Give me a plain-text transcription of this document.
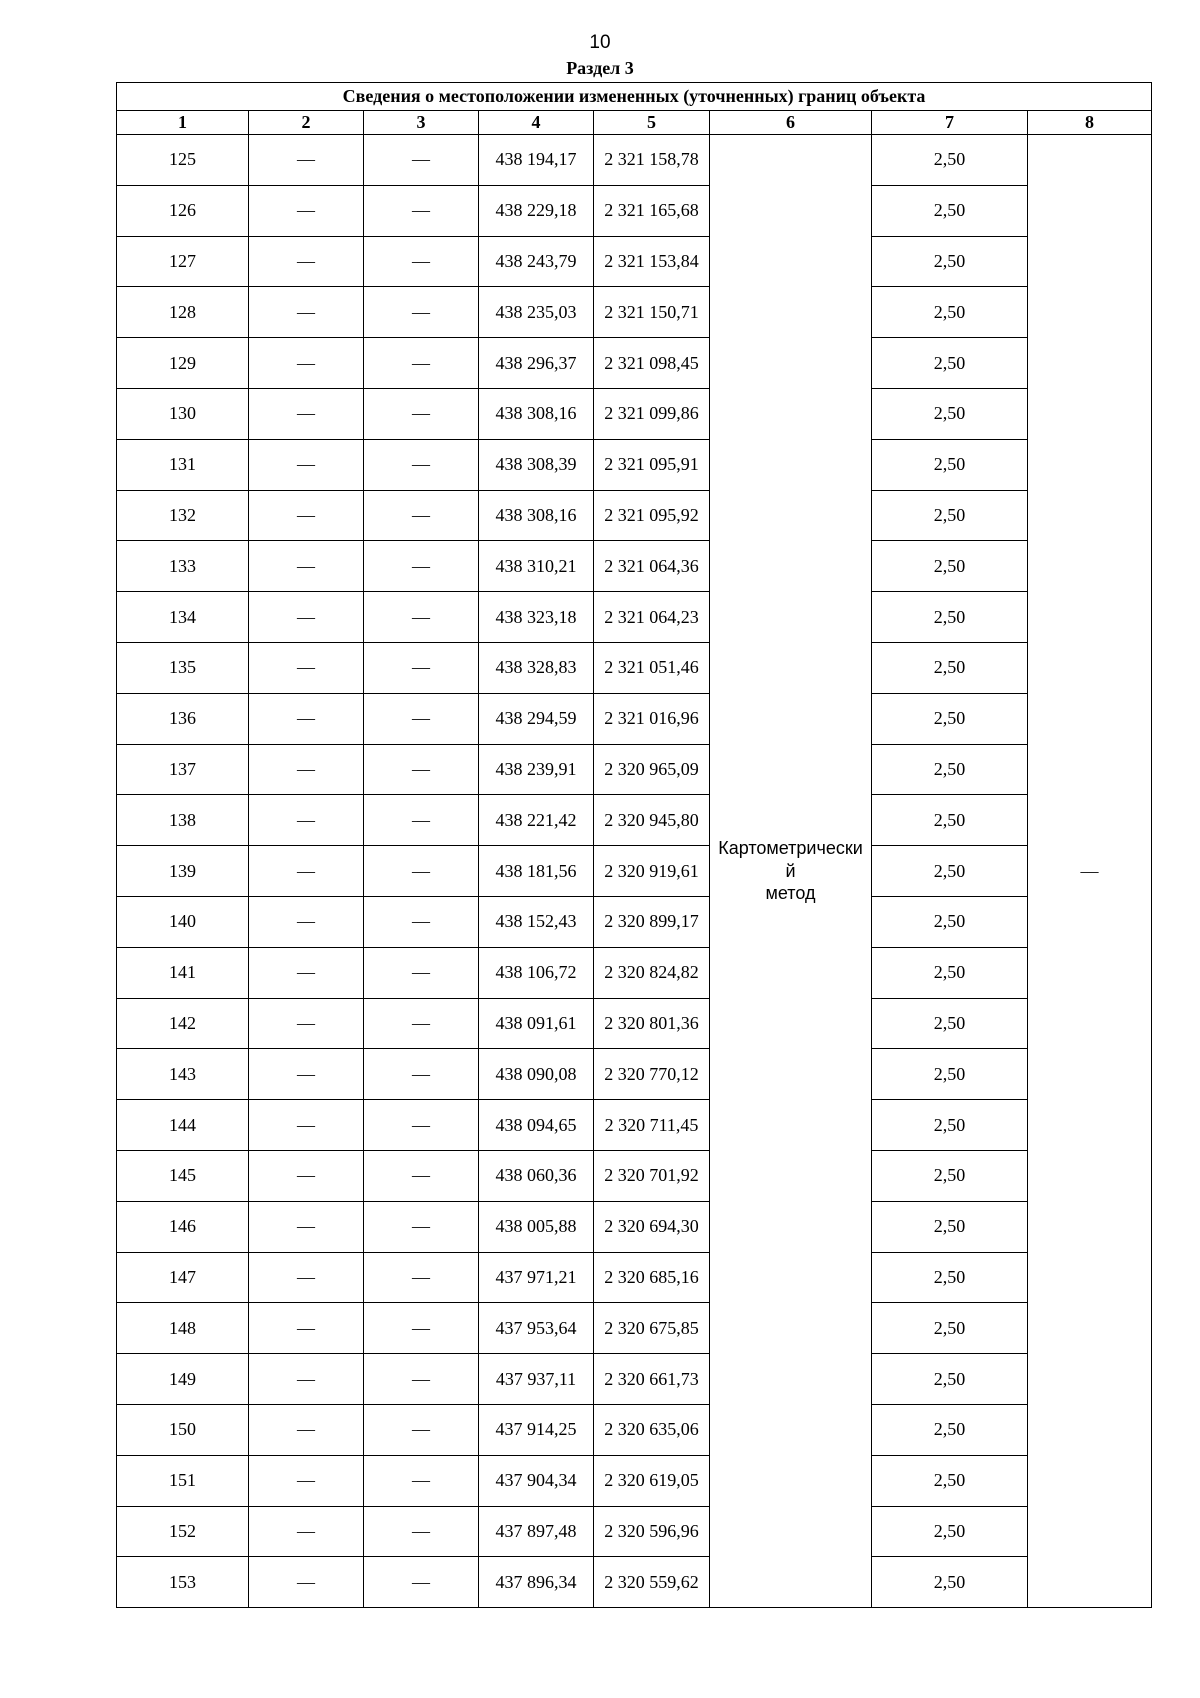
10
Раздел 3
Сведения о местоположении измененных (уточненных) границ объекта							
1	2	3	4	5	6	7	8
125	—	—	438 194,17	2 321 158,78	Картометрически
й
метод	2,50	—
126	—	—	438 229,18	2 321 165,68		2,50	
127	—	—	438 243,79	2 321 153,84		2,50	
128	—	—	438 235,03	2 321 150,71		2,50	
129	—	—	438 296,37	2 321 098,45		2,50	
130	—	—	438 308,16	2 321 099,86		2,50	
131	—	—	438 308,39	2 321 095,91		2,50	
132	—	—	438 308,16	2 321 095,92		2,50	
133	—	—	438 310,21	2 321 064,36		2,50	
134	—	—	438 323,18	2 321 064,23		2,50	
135	—	—	438 328,83	2 321 051,46		2,50	
136	—	—	438 294,59	2 321 016,96		2,50	
137	—	—	438 239,91	2 320 965,09		2,50	
138	—	—	438 221,42	2 320 945,80		2,50	
139	—	—	438 181,56	2 320 919,61		2,50	
140	—	—	438 152,43	2 320 899,17		2,50	
141	—	—	438 106,72	2 320 824,82		2,50	
142	—	—	438 091,61	2 320 801,36		2,50	
143	—	—	438 090,08	2 320 770,12		2,50	
144	—	—	438 094,65	2 320 711,45		2,50	
145	—	—	438 060,36	2 320 701,92		2,50	
146	—	—	438 005,88	2 320 694,30		2,50	
147	—	—	437 971,21	2 320 685,16		2,50	
148	—	—	437 953,64	2 320 675,85		2,50	
149	—	—	437 937,11	2 320 661,73		2,50	
150	—	—	437 914,25	2 320 635,06		2,50	
151	—	—	437 904,34	2 320 619,05		2,50	
152	—	—	437 897,48	2 320 596,96		2,50	
153	—	—	437 896,34	2 320 559,62		2,50	
